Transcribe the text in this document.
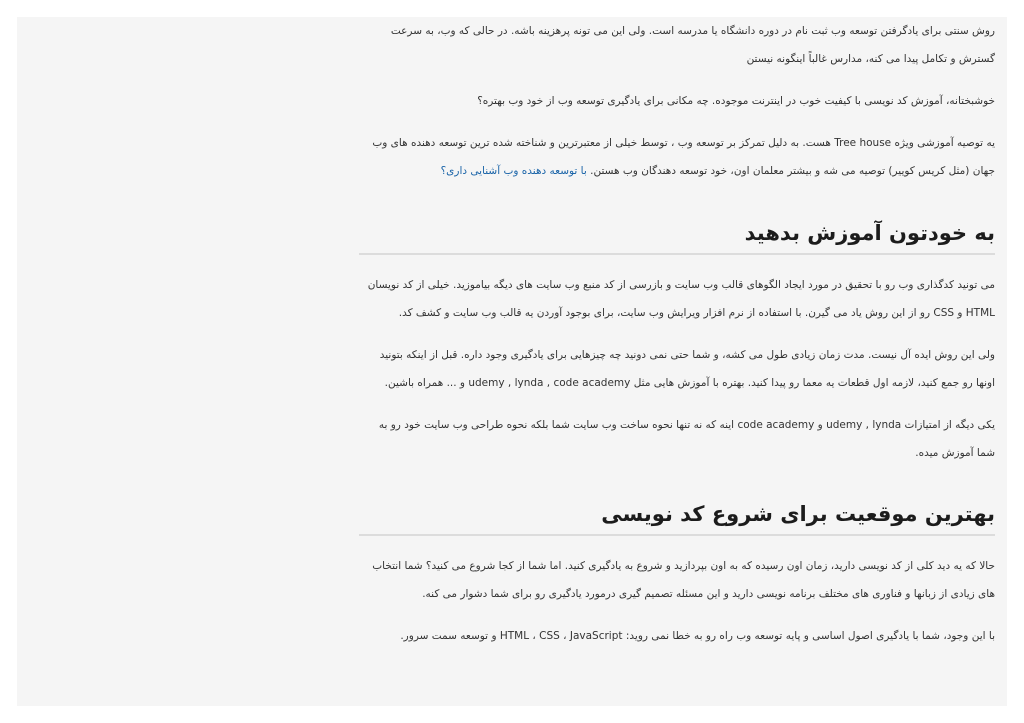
روش سنتی برای یادگرفتن توسعه وب ثبت نام در دوره دانشگاه یا مدرسه است. ولی این می تونه پرهزینه باشه. در حالی که وب، به سرعت گسترش و تکامل پیدا می کنه، مدارس غالباً اینگونه نیستن

خوشبختانه، آموزش کد نویسی با کیفیت خوب در اینترنت موجوده. چه مکانی برای یادگیری توسعه وب از خود وب بهتره؟

یه توصیه آموزشی ویژه Tree house هست. به دلیل تمرکز بر توسعه وب ، توسط خیلی از معتبرترین و شناخته شده ترین توسعه دهنده های وب جهان (مثل کریس کوییر) توصیه می شه و بیشتر معلمان اون، خود توسعه دهندگان وب هستن. با توسعه دهنده وب آشنایی داری؟

به خودتون آموزش بدهید

می تونید کدگذاری وب رو با تحقیق در مورد ایجاد الگوهای قالب وب سایت و بازرسی از کد منبع وب سایت های دیگه بیاموزید. خیلی از کد نویسان HTML و CSS رو از این روش یاد می گیرن. با استفاده از نرم افزار ویرایش وب سایت، برای بوجود آوردن یه قالب وب سایت و کشف کد.

ولی این روش ایده آل نیست. مدت زمان زیادی طول می کشه، و شما حتی نمی دونید چه چیزهایی برای یادگیری وجود داره. قبل از اینکه بتونید اونها رو جمع کنید، لازمه اول قطعات یه معما رو پیدا کنید. بهتره با آموزش هایی مثل udemy , lynda , code academy و ... همراه باشین.

یکی دیگه از امتیازات udemy , lynda و code academy اینه که نه تنها نحوه ساخت وب سایت شما بلکه نحوه طراحی وب سایت خود رو به شما آموزش میده.

بهترین موقعیت برای شروع کد نویسی

حالا که یه دید کلی از کد نویسی دارید، زمان اون رسیده که به اون بپردازید و شروع به یادگیری کنید. اما شما از کجا شروع می کنید؟ شما انتخاب های زیادی از زبانها و فناوری های مختلف برنامه نویسی دارید و این مسئله تصمیم گیری درمورد یادگیری رو برای شما دشوار می کنه.

با این وجود، شما با یادگیری اصول اساسی و پایه توسعه وب راه رو به خطا نمی روید: HTML ، CSS ، JavaScript و توسعه سمت سرور.
